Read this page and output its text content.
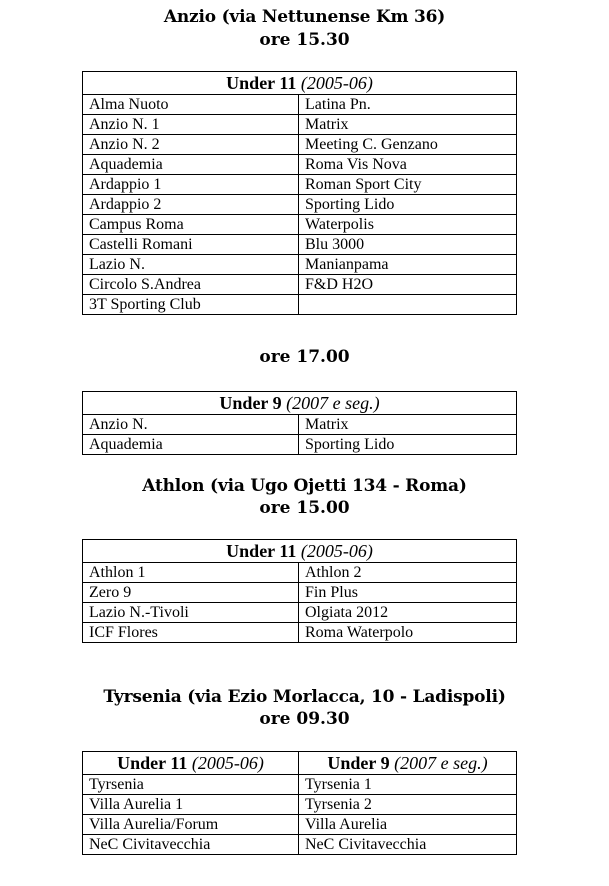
Anzio (via Nettunense Km 36)
ore 15.30
Under 11 (2005-06)	
Alma Nuoto	Latina Pn.
Anzio N. 1	Matrix
Anzio N. 2	Meeting C. Genzano
Aquademia	Roma Vis Nova
Ardappio 1	Roman Sport City
Ardappio 2	Sporting Lido
Campus Roma	Waterpolis
Castelli Romani	Blu 3000
Lazio N.	Manianpama
Circolo S.Andrea	F&D H2O
3T Sporting Club	
ore 17.00
Under 9 (2007 e seg.)	
Anzio N.	Matrix
Aquademia	Sporting Lido
Athlon (via Ugo Ojetti 134 - Roma)
ore 15.00
Under 11 (2005-06)	
Athlon 1	Athlon 2
Zero 9	Fin Plus
Lazio N.-Tivoli	Olgiata 2012
ICF Flores	Roma Waterpolo
Tyrsenia (via Ezio Morlacca, 10 - Ladispoli)
ore 09.30
Under 11 (2005-06)	Under 9 (2007 e seg.)
Tyrsenia	Tyrsenia 1
Villa Aurelia 1	Tyrsenia 2
Villa Aurelia/Forum	Villa Aurelia
NeC Civitavecchia	NeC Civitavecchia
